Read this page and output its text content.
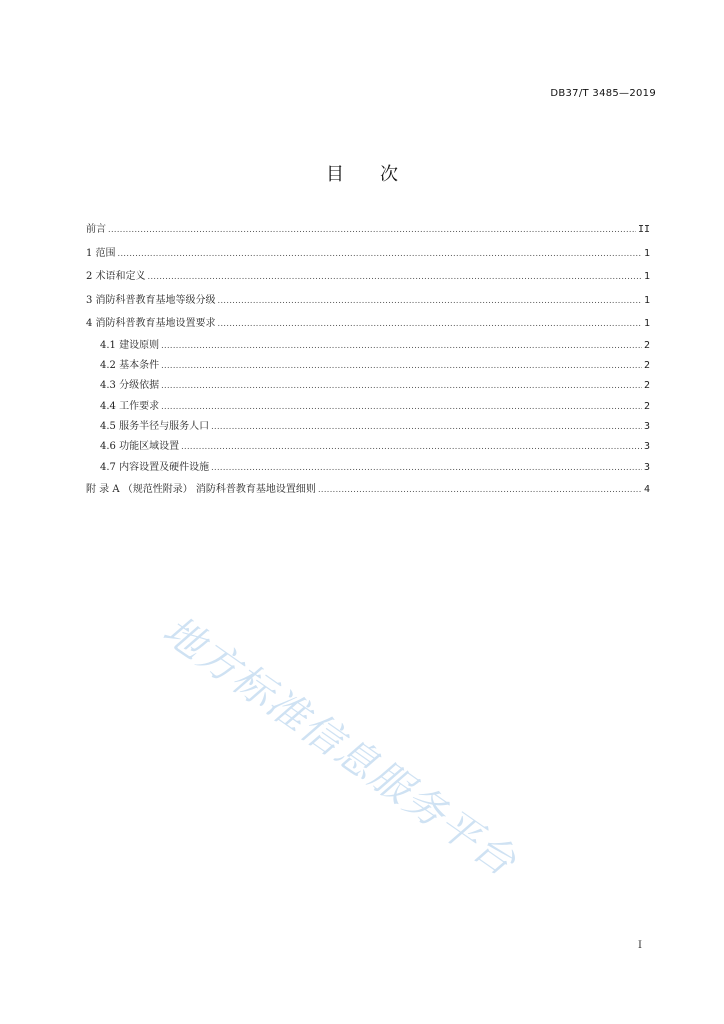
DB37/T 3485—2019
目 次
前言 .....	II
1 范围 .....	1
2 术语和定义 .....	1
3 消防科普教育基地等级分级 .....	1
4 消防科普教育基地设置要求 .....	1
4.1 建设原则 .....	2
4.2 基本条件 .....	2
4.3 分级依据 .....	2
4.4 工作要求 .....	2
4.5 服务半径与服务人口 .....	3
4.6 功能区域设置 .....	3
4.7 内容设置及硬件设施 .....	3
附 录 A （规范性附录） 消防科普教育基地设置细则 .....	4
地方标准信息服务平台
I
